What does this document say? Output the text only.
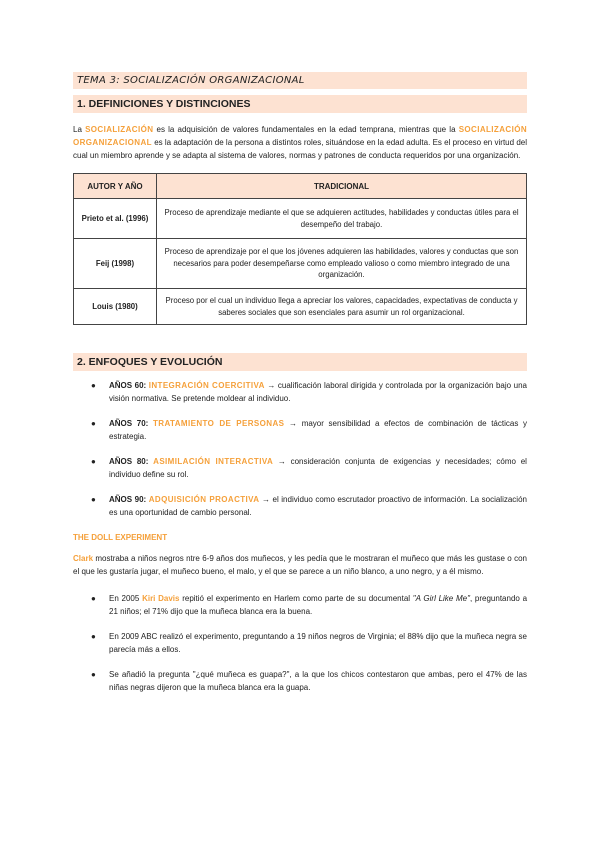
TEMA 3: SOCIALIZACIÓN ORGANIZACIONAL
1. DEFINICIONES Y DISTINCIONES

La SOCIALIZACIÓN es la adquisición de valores fundamentales en la edad temprana, mientras que la SOCIALIZACIÓN ORGANIZACIONAL es la adaptación de la persona a distintos roles, situándose en la edad adulta. Es el proceso en virtud del cual un miembro aprende y se adapta al sistema de valores, normas y patrones de conducta requeridos por una organización.

AUTOR Y AÑO	TRADICIONAL
Prieto et al. (1996)	Proceso de aprendizaje mediante el que se adquieren actitudes, habilidades y conductas útiles para el desempeño del trabajo.
Feij (1998)	Proceso de aprendizaje por el que los jóvenes adquieren las habilidades, valores y conductas que son necesarios para poder desempeñarse como empleado valioso o como miembro integrado de una organización.
Louis (1980)	Proceso por el cual un individuo llega a apreciar los valores, capacidades, expectativas de conducta y saberes sociales que son esenciales para asumir un rol organizacional.
2. ENFOQUES Y EVOLUCIÓN
● AÑOS 60: INTEGRACIÓN COERCITIVA → cualificación laboral dirigida y controlada por la organización bajo una visión normativa. Se pretende moldear al individuo.
● AÑOS 70: TRATAMIENTO DE PERSONAS → mayor sensibilidad a efectos de combinación de tácticas y estrategia.
● AÑOS 80: ASIMILACIÓN INTERACTIVA → consideración conjunta de exigencias y necesidades; cómo el individuo define su rol.
● AÑOS 90: ADQUISICIÓN PROACTIVA → el individuo como escrutador proactivo de información. La socialización es una oportunidad de cambio personal.
THE DOLL EXPERIMENT

Clark mostraba a niños negros ntre 6-9 años dos muñecos, y les pedía que le mostraran el muñeco que más les gustase o con el que les gustaría jugar, el muñeco bueno, el malo, y el que se parece a un niño blanco, a uno negro, y a él mismo.

● En 2005 Kiri Davis repitió el experimento en Harlem como parte de su documental "A Girl Like Me", preguntando a 21 niños; el 71% dijo que la muñeca blanca era la buena.
● En 2009 ABC realizó el experimento, preguntando a 19 niños negros de Virginia; el 88% dijo que la muñeca negra se parecía más a ellos.
● Se añadió la pregunta "¿qué muñeca es guapa?", a la que los chicos contestaron que ambas, pero el 47% de las niñas negras dijeron que la muñeca blanca era la guapa.
